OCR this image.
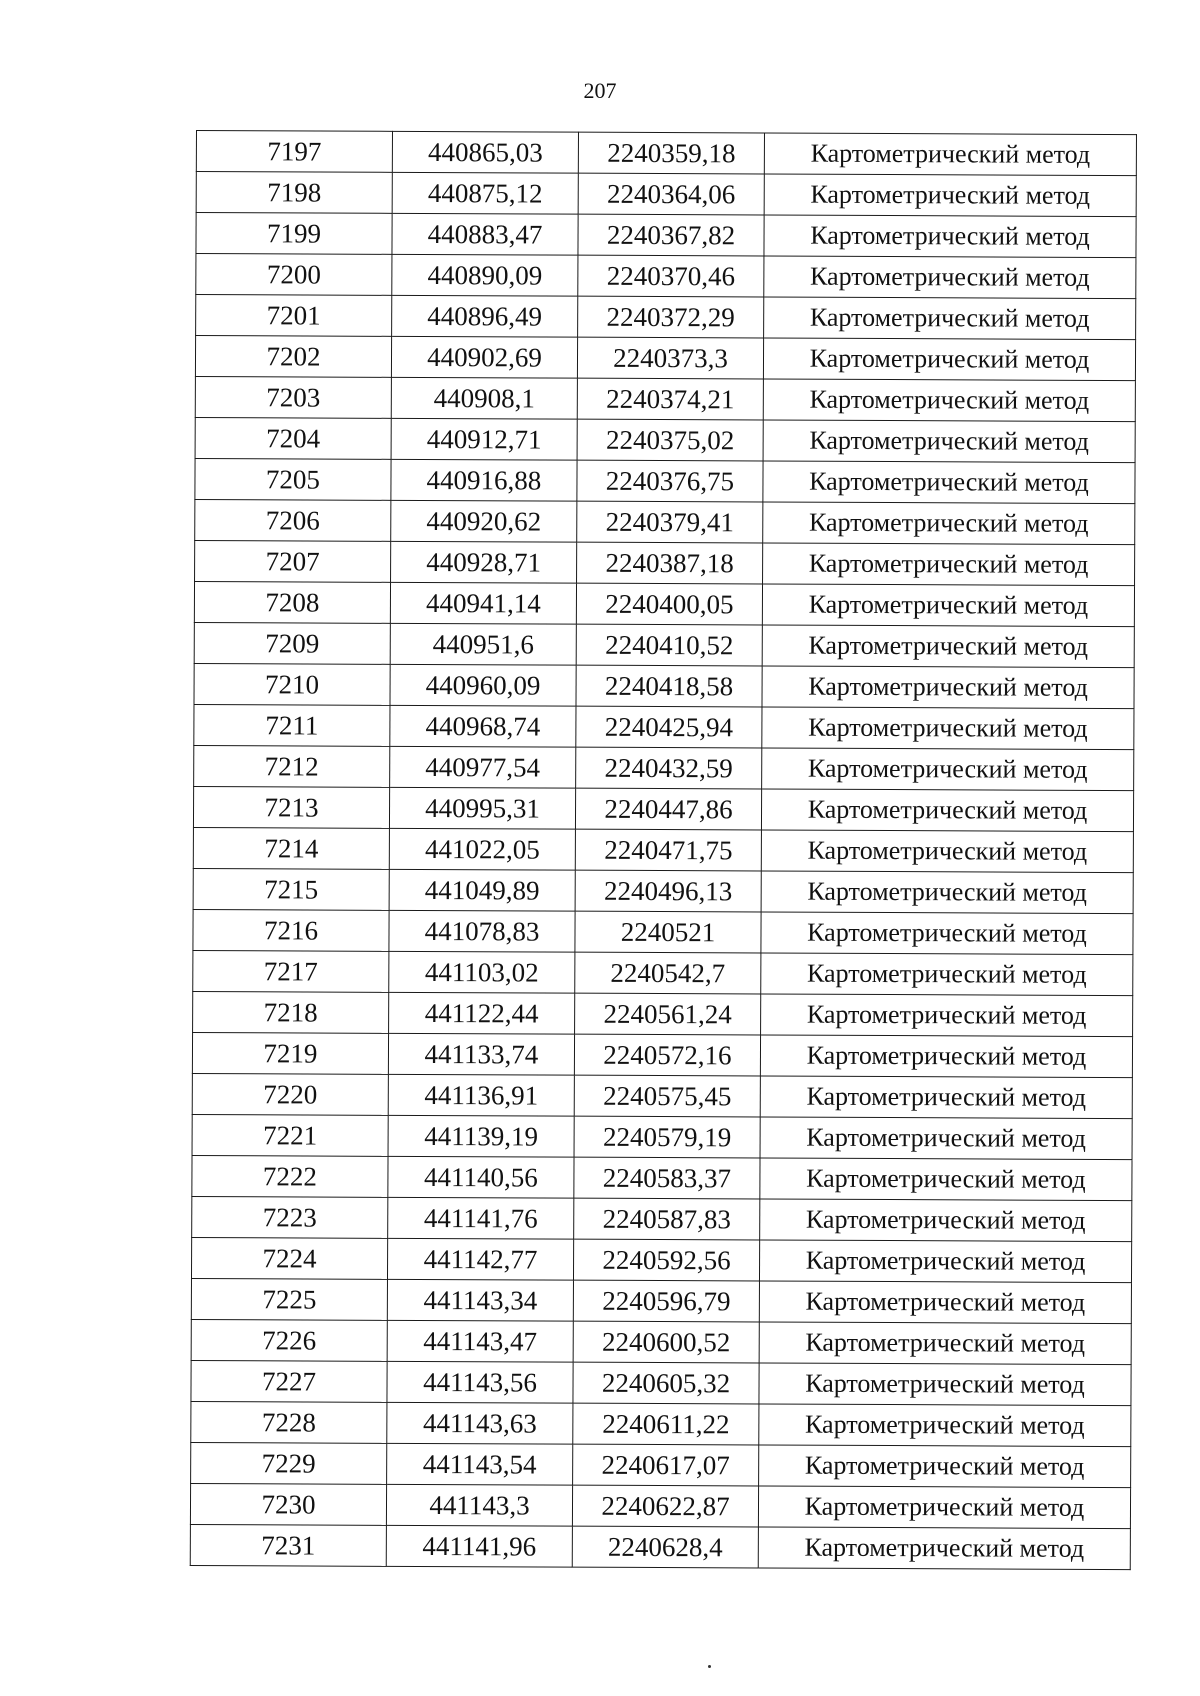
207
7197	440865,03	2240359,18	Картометрический метод
7198	440875,12	2240364,06	Картометрический метод
7199	440883,47	2240367,82	Картометрический метод
7200	440890,09	2240370,46	Картометрический метод
7201	440896,49	2240372,29	Картометрический метод
7202	440902,69	2240373,3	Картометрический метод
7203	440908,1	2240374,21	Картометрический метод
7204	440912,71	2240375,02	Картометрический метод
7205	440916,88	2240376,75	Картометрический метод
7206	440920,62	2240379,41	Картометрический метод
7207	440928,71	2240387,18	Картометрический метод
7208	440941,14	2240400,05	Картометрический метод
7209	440951,6	2240410,52	Картометрический метод
7210	440960,09	2240418,58	Картометрический метод
7211	440968,74	2240425,94	Картометрический метод
7212	440977,54	2240432,59	Картометрический метод
7213	440995,31	2240447,86	Картометрический метод
7214	441022,05	2240471,75	Картометрический метод
7215	441049,89	2240496,13	Картометрический метод
7216	441078,83	2240521	Картометрический метод
7217	441103,02	2240542,7	Картометрический метод
7218	441122,44	2240561,24	Картометрический метод
7219	441133,74	2240572,16	Картометрический метод
7220	441136,91	2240575,45	Картометрический метод
7221	441139,19	2240579,19	Картометрический метод
7222	441140,56	2240583,37	Картометрический метод
7223	441141,76	2240587,83	Картометрический метод
7224	441142,77	2240592,56	Картометрический метод
7225	441143,34	2240596,79	Картометрический метод
7226	441143,47	2240600,52	Картометрический метод
7227	441143,56	2240605,32	Картометрический метод
7228	441143,63	2240611,22	Картометрический метод
7229	441143,54	2240617,07	Картометрический метод
7230	441143,3	2240622,87	Картометрический метод
7231	441141,96	2240628,4	Картометрический метод
